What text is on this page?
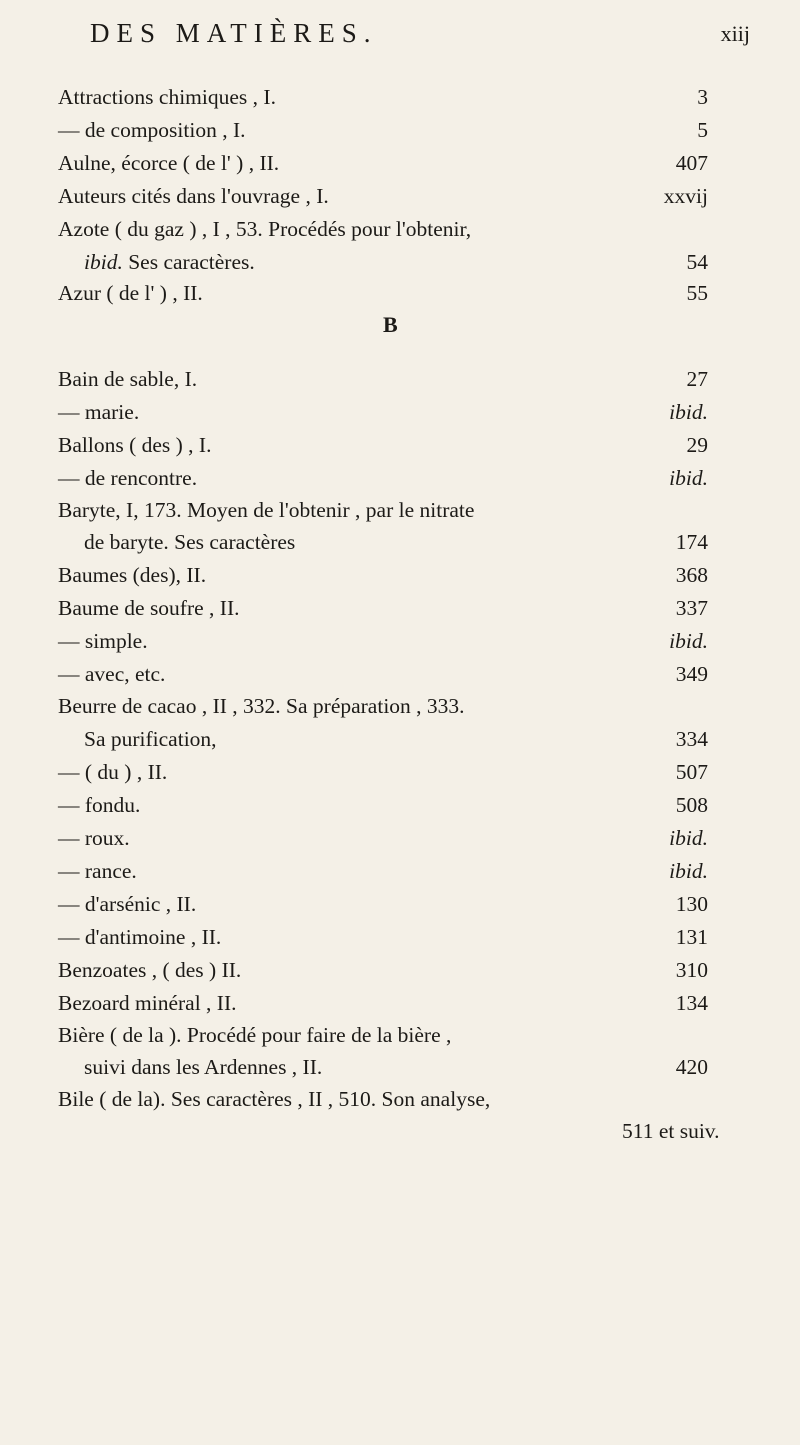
DES MATIÈRES.	xiij
Attractions chimiques , I.	3
— de composition , I.	5
Aulne, écorce ( de l' ) , II.	407
Auteurs cités dans l'ouvrage , I.	xxvij
Azote ( du gaz ) , I , 53. Procédés pour l'obtenir,
ibid. Ses caractères.	54
Azur ( de l' ) , II.	55
B
Bain de sable, I.	27
— marie.	ibid.
Ballons ( des ) , I.	29
— de rencontre.	ibid.
Baryte, I, 173. Moyen de l'obtenir , par le nitrate
de baryte. Ses caractères	174
Baumes (des), II.	368
Baume de soufre , II.	337
— simple.	ibid.
— avec, etc.	349
Beurre de cacao , II , 332. Sa préparation , 333.
Sa purification,	334
— ( du ) , II.	507
— fondu.	508
— roux.	ibid.
— rance.	ibid.
— d'arsénic , II.	130
— d'antimoine , II.	131
Benzoates , ( des ) II.	310
Bezoard minéral , II.	134
Bière ( de la ). Procédé pour faire de la bière ,
suivi dans les Ardennes , II.	420
Bile ( de la). Ses caractères , II , 510. Son analyse,
511 et suiv.
